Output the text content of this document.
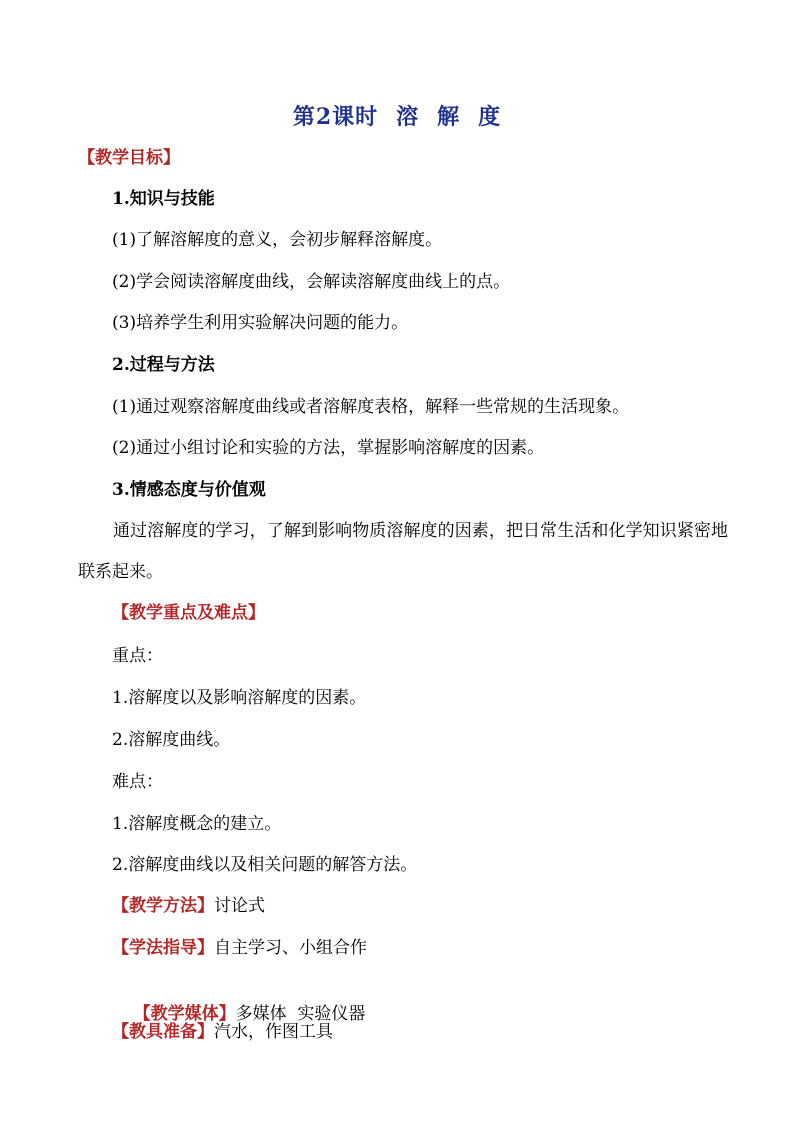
第2课时 溶 解 度
【教学目标】
1.知识与技能
(1)了解溶解度的意义，会初步解释溶解度。
(2)学会阅读溶解度曲线，会解读溶解度曲线上的点。
(3)培养学生利用实验解决问题的能力。
2.过程与方法
(1)通过观察溶解度曲线或者溶解度表格，解释一些常规的生活现象。
(2)通过小组讨论和实验的方法，掌握影响溶解度的因素。
3.情感态度与价值观
通过溶解度的学习，了解到影响物质溶解度的因素，把日常生活和化学知识紧密地联系起来。
【教学重点及难点】
重点：
1.溶解度以及影响溶解度的因素。
2.溶解度曲线。
难点：
1.溶解度概念的建立。
2.溶解度曲线以及相关问题的解答方法。
【教学方法】讨论式
【学法指导】自主学习、小组合作

【教学媒体】多媒体  实验仪器

【教具准备】汽水，作图工具
